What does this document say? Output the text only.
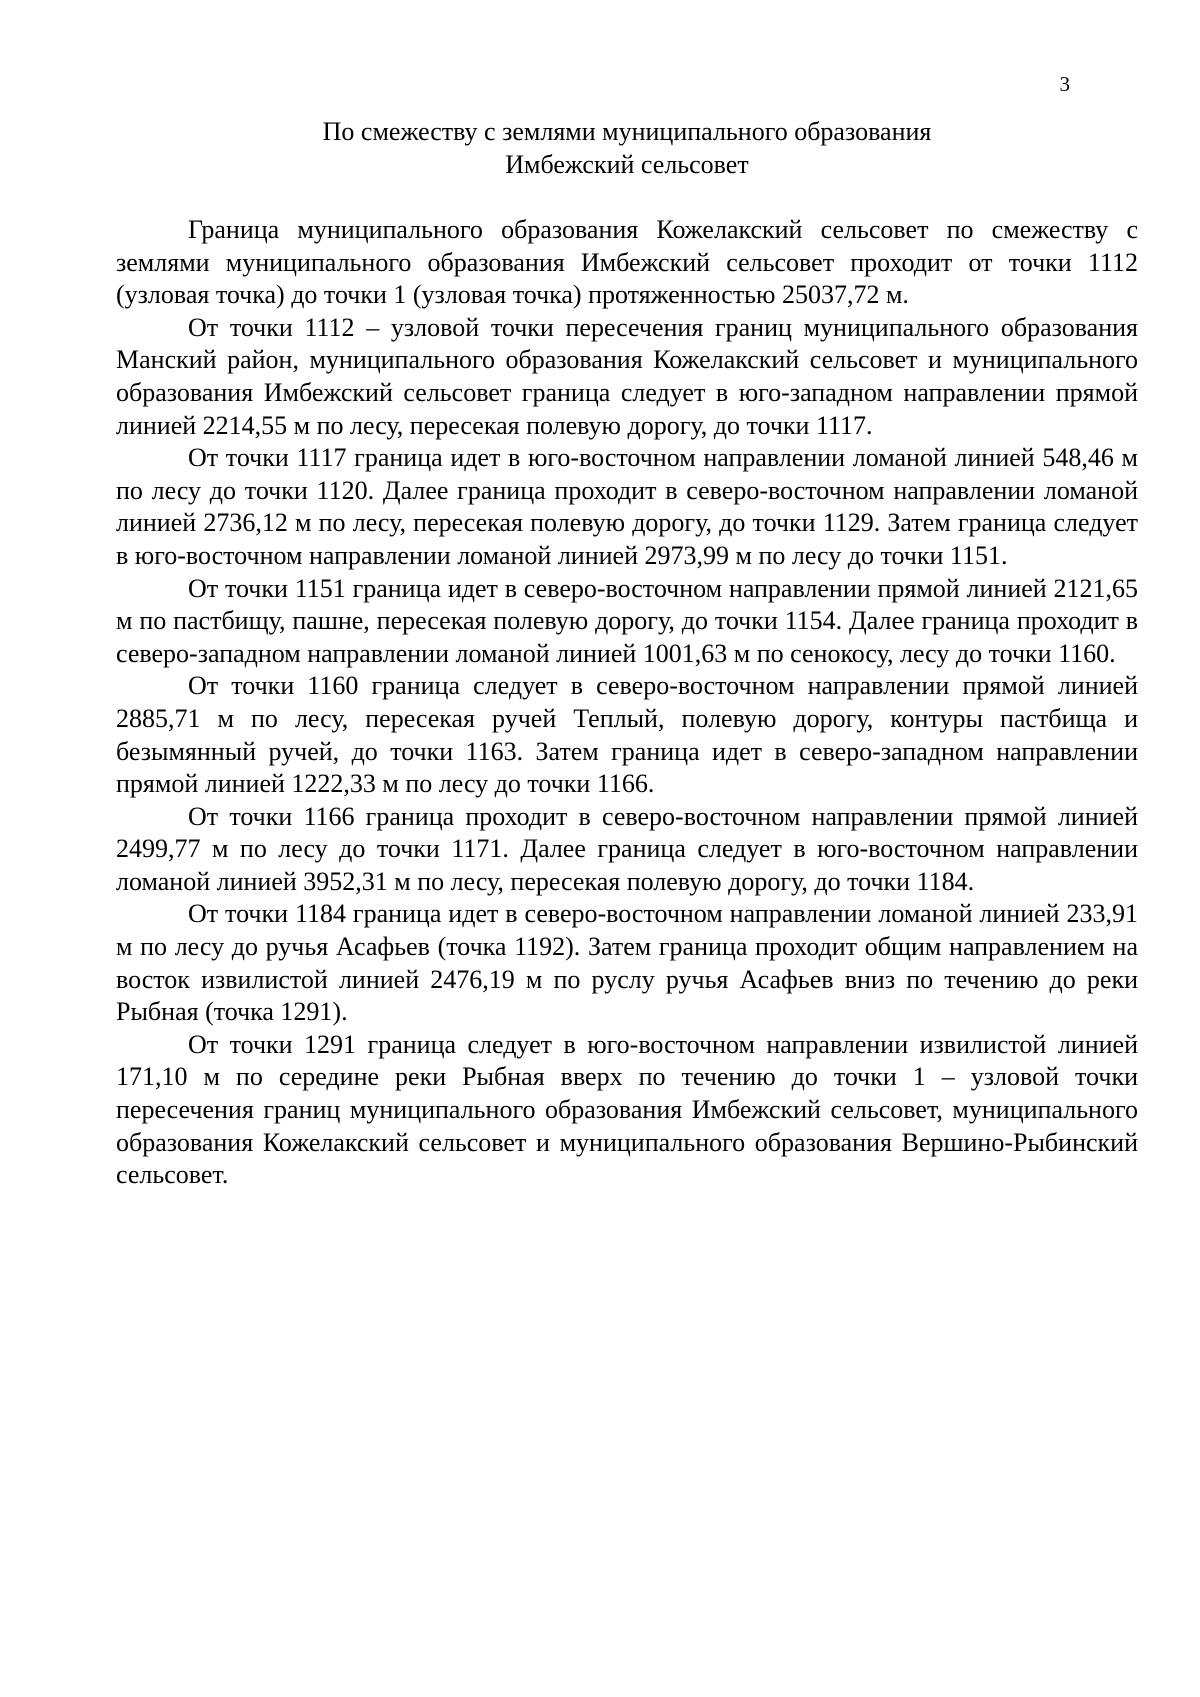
3
По смежеству с землями муниципального образования
Имбежский сельсовет

Граница муниципального образования Кожелакский сельсовет по смежеству с землями муниципального образования Имбежский сельсовет проходит от точки 1112 (узловая точка) до точки 1 (узловая точка) протяженностью 25037,72 м.

От точки 1112 – узловой точки пересечения границ муниципального образования Манский район, муниципального образования Кожелакский сельсовет и муниципального образования Имбежский сельсовет граница следует в юго-западном направлении прямой линией 2214,55 м по лесу, пересекая полевую дорогу, до точки 1117.

От точки 1117 граница идет в юго-восточном направлении ломаной линией 548,46 м по лесу до точки 1120. Далее граница проходит в северо-восточном направлении ломаной линией 2736,12 м по лесу, пересекая полевую дорогу, до точки 1129. Затем граница следует в юго-восточном направлении ломаной линией 2973,99 м по лесу до точки 1151.

От точки 1151 граница идет в северо-восточном направлении прямой линией 2121,65 м по пастбищу, пашне, пересекая полевую дорогу, до точки 1154. Далее граница проходит в северо-западном направлении ломаной линией 1001,63 м по сенокосу, лесу до точки 1160.

От точки 1160 граница следует в северо-восточном направлении прямой линией 2885,71 м по лесу, пересекая ручей Теплый, полевую дорогу, контуры пастбища и безымянный ручей, до точки 1163. Затем граница идет в северо-западном направлении прямой линией 1222,33 м по лесу до точки 1166.

От точки 1166 граница проходит в северо-восточном направлении прямой линией 2499,77 м по лесу до точки 1171. Далее граница следует в юго-восточном направлении ломаной линией 3952,31 м по лесу, пересекая полевую дорогу, до точки 1184.

От точки 1184 граница идет в северо-восточном направлении ломаной линией 233,91 м по лесу до ручья Асафьев (точка 1192). Затем граница проходит общим направлением на восток извилистой линией 2476,19 м по руслу ручья Асафьев вниз по течению до реки Рыбная (точка 1291).

От точки 1291 граница следует в юго-восточном направлении извилистой линией 171,10 м по середине реки Рыбная вверх по течению до точки 1 – узловой точки пересечения границ муниципального образования Имбежский сельсовет, муниципального образования Кожелакский сельсовет и муниципального образования Вершино-Рыбинский сельсовет.
